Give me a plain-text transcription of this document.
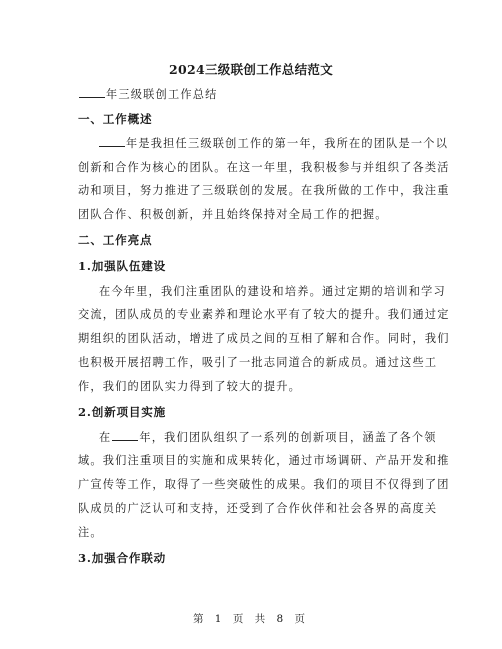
2024三级联创工作总结范文
年三级联创工作总结
一、工作概述
年是我担任三级联创工作的第一年，我所在的团队是一个以
创新和合作为核心的团队。在这一年里，我积极参与并组织了各类活
动和项目，努力推进了三级联创的发展。在我所做的工作中，我注重
团队合作、积极创新，并且始终保持对全局工作的把握。
二、工作亮点
1.加强队伍建设
在今年里，我们注重团队的建设和培养。通过定期的培训和学习
交流，团队成员的专业素养和理论水平有了较大的提升。我们通过定
期组织的团队活动，增进了成员之间的互相了解和合作。同时，我们
也积极开展招聘工作，吸引了一批志同道合的新成员。通过这些工
作，我们的团队实力得到了较大的提升。
2.创新项目实施
在	年，我们团队组织了一系列的创新项目，涵盖了各个领
域。我们注重项目的实施和成果转化，通过市场调研、产品开发和推
广宣传等工作，取得了一些突破性的成果。我们的项目不仅得到了团
队成员的广泛认可和支持，还受到了合作伙伴和社会各界的高度关
注。
3.加强合作联动
第 1 页 共 8 页
